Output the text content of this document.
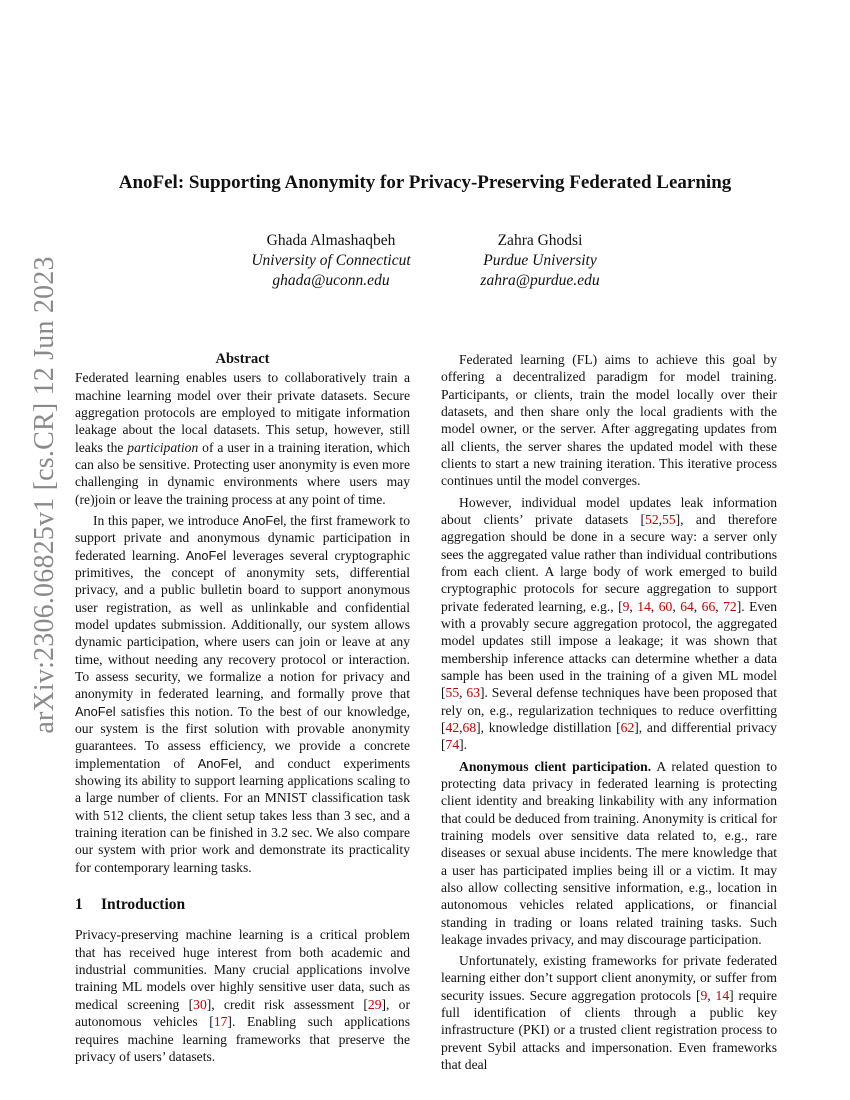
arXiv:2306.06825v1 [cs.CR] 12 Jun 2023
AnoFel: Supporting Anonymity for Privacy-Preserving Federated Learning
Ghada Almashaqbeh
University of Connecticut
ghada@uconn.edu
Zahra Ghodsi
Purdue University
zahra@purdue.edu
Abstract

Federated learning enables users to collaboratively train a machine learning model over their private datasets. Secure aggregation protocols are employed to mitigate information leakage about the local datasets. This setup, however, still leaks the participation of a user in a training iteration, which can also be sensitive. Protecting user anonymity is even more challenging in dynamic environments where users may (re)join or leave the training process at any point of time.

In this paper, we introduce AnoFel, the first framework to support private and anonymous dynamic participation in federated learning. AnoFel leverages several cryptographic primitives, the concept of anonymity sets, differential privacy, and a public bulletin board to support anonymous user registration, as well as unlinkable and confidential model updates submission. Additionally, our system allows dynamic participation, where users can join or leave at any time, without needing any recovery protocol or interaction. To assess security, we formalize a notion for privacy and anonymity in federated learning, and formally prove that AnoFel satisfies this notion. To the best of our knowledge, our system is the first solution with provable anonymity guarantees. To assess efficiency, we provide a concrete implementation of AnoFel, and conduct experiments showing its ability to support learning applications scaling to a large number of clients. For an MNIST classification task with 512 clients, the client setup takes less than 3 sec, and a training iteration can be finished in 3.2 sec. We also compare our system with prior work and demonstrate its practicality for contemporary learning tasks.

1 Introduction

Privacy-preserving machine learning is a critical problem that has received huge interest from both academic and industrial communities. Many crucial applications involve training ML models over highly sensitive user data, such as medical screening [30], credit risk assessment [29], or autonomous vehicles [17]. Enabling such applications requires machine learning frameworks that preserve the privacy of users’ datasets.

Federated learning (FL) aims to achieve this goal by offering a decentralized paradigm for model training. Participants, or clients, train the model locally over their datasets, and then share only the local gradients with the model owner, or the server. After aggregating updates from all clients, the server shares the updated model with these clients to start a new training iteration. This iterative process continues until the model converges.

However, individual model updates leak information about clients’ private datasets [52,55], and therefore aggregation should be done in a secure way: a server only sees the aggregated value rather than individual contributions from each client. A large body of work emerged to build cryptographic protocols for secure aggregation to support private federated learning, e.g., [9, 14, 60, 64, 66, 72]. Even with a provably secure aggregation protocol, the aggregated model updates still impose a leakage; it was shown that membership inference attacks can determine whether a data sample has been used in the training of a given ML model [55, 63]. Several defense techniques have been proposed that rely on, e.g., regularization techniques to reduce overfitting [42,68], knowledge distillation [62], and differential privacy [74].

Anonymous client participation. A related question to protecting data privacy in federated learning is protecting client identity and breaking linkability with any information that could be deduced from training. Anonymity is critical for training models over sensitive data related to, e.g., rare diseases or sexual abuse incidents. The mere knowledge that a user has participated implies being ill or a victim. It may also allow collecting sensitive information, e.g., location in autonomous vehicles related applications, or financial standing in trading or loans related training tasks. Such leakage invades privacy, and may discourage participation.

Unfortunately, existing frameworks for private federated learning either don’t support client anonymity, or suffer from security issues. Secure aggregation protocols [9, 14] require full identification of clients through a public key infrastructure (PKI) or a trusted client registration process to prevent Sybil attacks and impersonation. Even frameworks that deal
